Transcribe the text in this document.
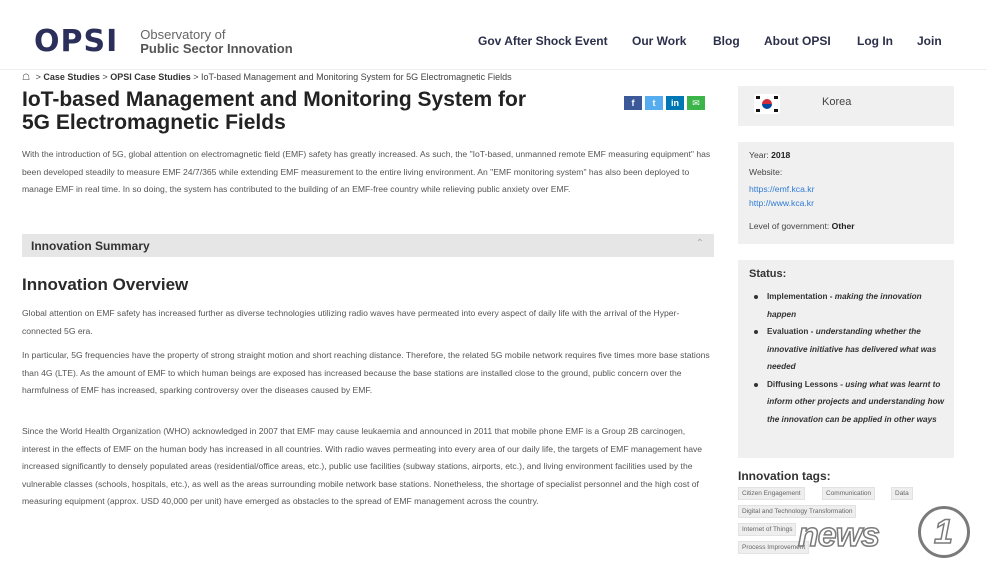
OPSI Observatory of
Public Sector Innovation	Gov After Shock Event Our Work Blog About OPSI Log In Join
☖ > Case Studies > OPSI Case Studies > IoT-based Management and Monitoring System for 5G Electromagnetic Fields
IoT-based Management and Monitoring System for
5G Electromagnetic Fields
f	t	in	✉
With the introduction of 5G, global attention on electromagnetic field (EMF) safety has greatly increased. As such, the "IoT-based, unmanned remote EMF measuring equipment" has been developed steadily to measure EMF 24/7/365 while extending EMF measurement to the entire living environment. An "EMF monitoring system" has also been deployed to manage EMF in real time. In so doing, the system has contributed to the building of an EMF-free country while relieving public anxiety over EMF.
Innovation Summary	⌃
Innovation Overview
Global attention on EMF safety has increased further as diverse technologies utilizing radio waves have permeated into every aspect of daily life with the arrival of the Hyper-connected 5G era.
In particular, 5G frequencies have the property of strong straight motion and short reaching distance. Therefore, the related 5G mobile network requires five times more base stations than 4G (LTE). As the amount of EMF to which human beings are exposed has increased because the base stations are installed close to the ground, public concern over the harmfulness of EMF has increased, sparking controversy over the diseases caused by EMF.
Since the World Health Organization (WHO) acknowledged in 2007 that EMF may cause leukaemia and announced in 2011 that mobile phone EMF is a Group 2B carcinogen, interest in the effects of EMF on the human body has increased in all countries. With radio waves permeating into every area of our daily life, the targets of EMF management have increased significantly to densely populated areas (residential/office areas, etc.), public use facilities (subway stations, airports, etc.), and living environment facilities used by the vulnerable classes (schools, hospitals, etc.), as well as the areas surrounding mobile network base stations. Nonetheless, the shortage of specialist personnel and the high cost of measuring equipment (approx. USD 40,000 per unit) have emerged as obstacles to the spread of EMF management across the country.
Korea
Year: 2018
Website:
https://emf.kca.kr
http://www.kca.kr
Level of government: Other
Status:
Implementation - making the innovation happen
Evaluation - understanding whether the innovative initiative has delivered what was needed
Diffusing Lessons - using what was learnt to inform other projects and understanding how the innovation can be applied in other ways
Innovation tags:
Citizen Engagement	Communication	Data
Digital and Technology Transformation
Internet of Things
Process Improvement
news 1
